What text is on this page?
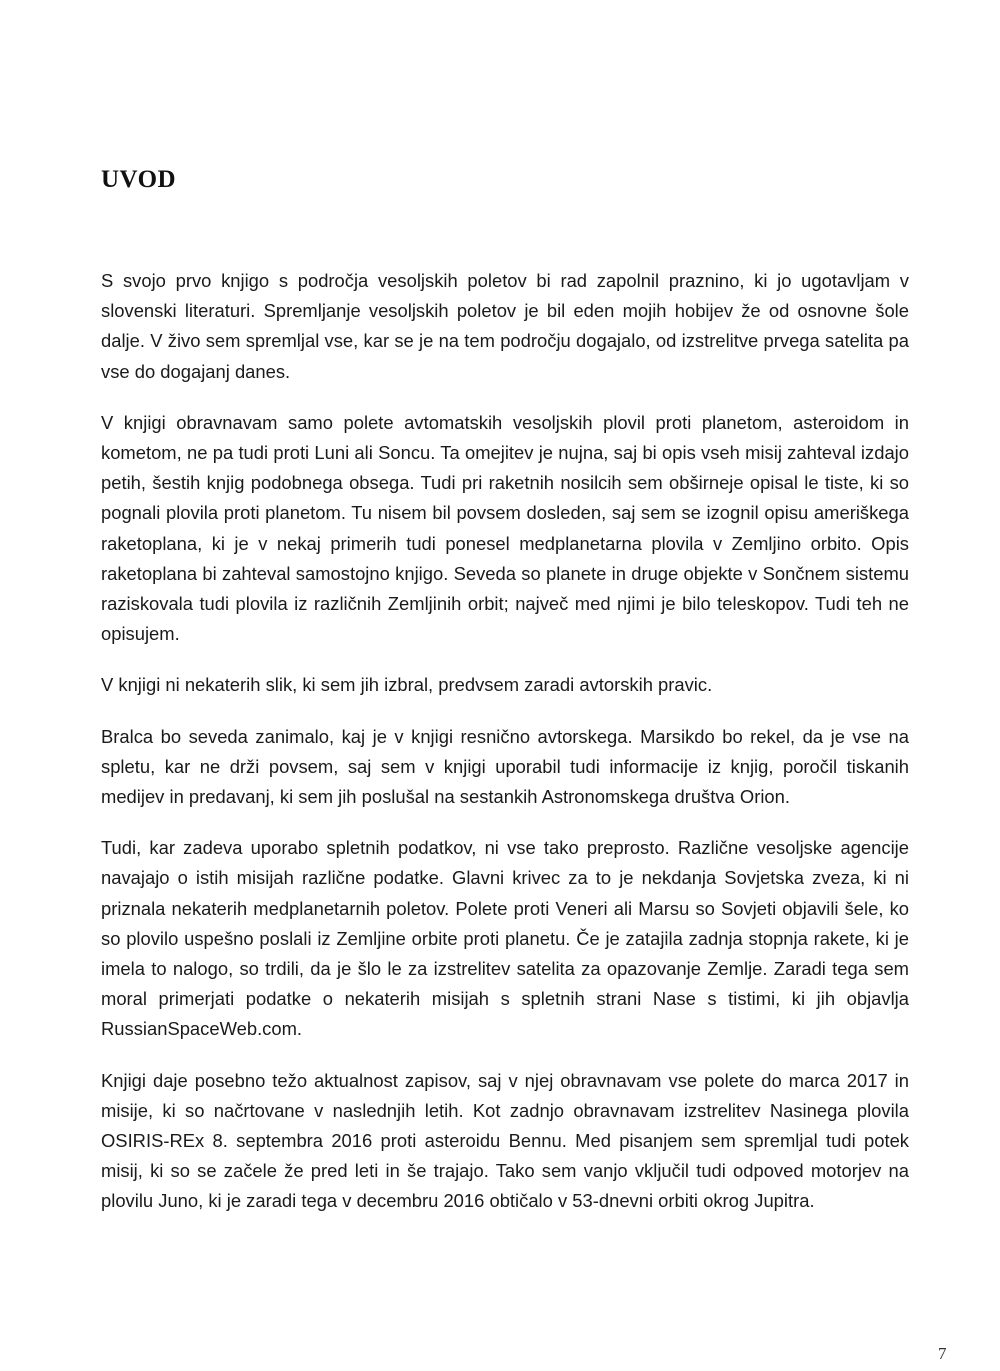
UVOD

S svojo prvo knjigo s področja vesoljskih poletov bi rad zapolnil praznino, ki jo ugotavljam v slovenski literaturi. Spremljanje vesoljskih poletov je bil eden mojih hobijev že od osnovne šole dalje. V živo sem spremljal vse, kar se je na tem področju dogajalo, od izstrelitve prvega satelita pa vse do dogajanj danes.

V knjigi obravnavam samo polete avtomatskih vesoljskih plovil proti planetom, asteroidom in kometom, ne pa tudi proti Luni ali Soncu. Ta omejitev je nujna, saj bi opis vseh misij zahteval izdajo petih, šestih knjig podobnega obsega. Tudi pri raketnih nosilcih sem obširneje opisal le tiste, ki so pognali plovila proti planetom. Tu nisem bil povsem dosleden, saj sem se izognil opisu ameriškega raketoplana, ki je v nekaj primerih tudi ponesel medplanetarna plovila v Zemljino orbito. Opis raketoplana bi zahteval samostojno knjigo. Seveda so planete in druge objekte v Sončnem sistemu raziskovala tudi plovila iz različnih Zemljinih orbit; največ med njimi je bilo teleskopov. Tudi teh ne opisujem.

V knjigi ni nekaterih slik, ki sem jih izbral, predvsem zaradi avtorskih pravic.

Bralca bo seveda zanimalo, kaj je v knjigi resnično avtorskega. Marsikdo bo rekel, da je vse na spletu, kar ne drži povsem, saj sem v knjigi uporabil tudi informacije iz knjig, poročil tiskanih medijev in predavanj, ki sem jih poslušal na sestankih Astronomskega društva Orion.

Tudi, kar zadeva uporabo spletnih podatkov, ni vse tako preprosto. Različne vesoljske agencije navajajo o istih misijah različne podatke. Glavni krivec za to je nekdanja Sovjetska zveza, ki ni priznala nekaterih medplanetarnih poletov. Polete proti Veneri ali Marsu so Sovjeti objavili šele, ko so plovilo uspešno poslali iz Zemljine orbite proti planetu. Če je zatajila zadnja stopnja rakete, ki je imela to nalogo, so trdili, da je šlo le za izstrelitev satelita za opazovanje Zemlje. Zaradi tega sem moral primerjati podatke o nekaterih misijah s spletnih strani Nase s tistimi, ki jih objavlja RussianSpaceWeb.com.

Knjigi daje posebno težo aktualnost zapisov, saj v njej obravnavam vse polete do marca 2017 in misije, ki so načrtovane v naslednjih letih. Kot zadnjo obravnavam izstrelitev Nasinega plovila OSIRIS-REx 8. septembra 2016 proti asteroidu Bennu. Med pisanjem sem spremljal tudi potek misij, ki so se začele že pred leti in še trajajo. Tako sem vanjo vključil tudi odpoved motorjev na plovilu Juno, ki je zaradi tega v decembru 2016 obtičalo v 53-dnevni orbiti okrog Jupitra.

7
